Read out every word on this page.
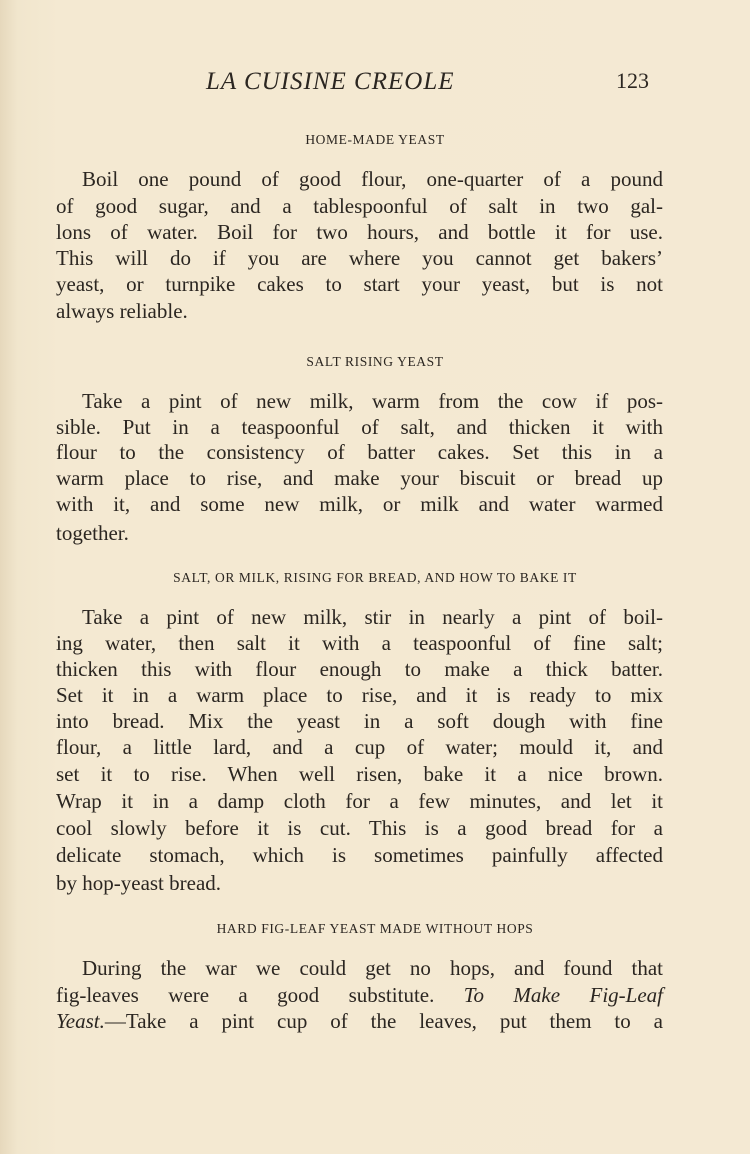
LA CUISINE CREOLE	123
HOME-MADE YEAST
Boil one pound of good flour, one-quarter of a pound
of good sugar, and a tablespoonful of salt in two gal-
lons of water. Boil for two hours, and bottle it for use.
This will do if you are where you cannot get bakers’
yeast, or turnpike cakes to start your yeast, but is not
always reliable.
SALT RISING YEAST
Take a pint of new milk, warm from the cow if pos-
sible. Put in a teaspoonful of salt, and thicken it with
flour to the consistency of batter cakes. Set this in a
warm place to rise, and make your biscuit or bread up
with it, and some new milk, or milk and water warmed
together.
SALT, OR MILK, RISING FOR BREAD, AND HOW TO BAKE IT
Take a pint of new milk, stir in nearly a pint of boil-
ing water, then salt it with a teaspoonful of fine salt;
thicken this with flour enough to make a thick batter.
Set it in a warm place to rise, and it is ready to mix
into bread. Mix the yeast in a soft dough with fine
flour, a little lard, and a cup of water; mould it, and
set it to rise. When well risen, bake it a nice brown.
Wrap it in a damp cloth for a few minutes, and let it
cool slowly before it is cut. This is a good bread for a
delicate stomach, which is sometimes painfully affected
by hop-yeast bread.
HARD FIG-LEAF YEAST MADE WITHOUT HOPS
During the war we could get no hops, and found that
fig-leaves were a good substitute. To Make Fig-Leaf
Yeast.—Take a pint cup of the leaves, put them to a
